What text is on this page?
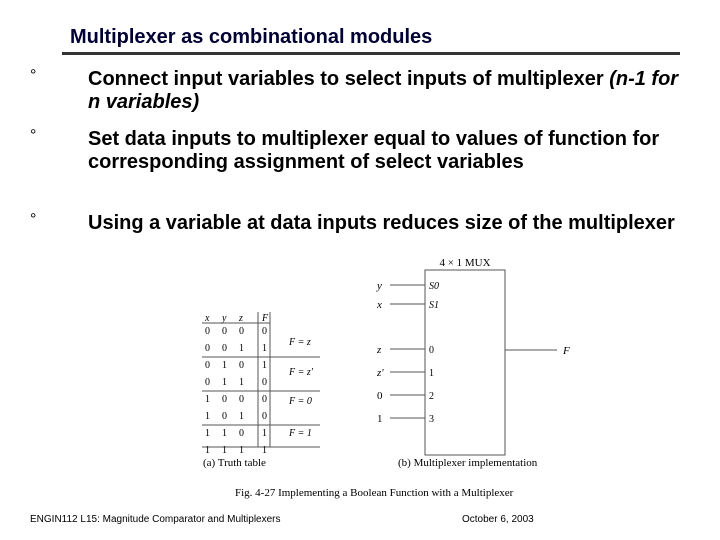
Multiplexer as combinational modules
°	Connect input variables to select inputs of multiplexer (n-1 for n variables)
°	Set data inputs to multiplexer equal to values of function for corresponding assignment of select variables
°	Using a variable at data inputs reduces size of the multiplexer
4 × 1 MUX
y
x
S0
S1
z
z′
0
1
0
1
2
3
F
x y z F
0 0 0 0
0 0 1 1
0 1 0 1
0 1 1 0
1 0 0 0
1 0 1 0
1 1 0 1
1 1 1 1
F = z
F = z′
F = 0
F = 1
(a) Truth table	(b) Multiplexer implementation
Fig. 4-27 Implementing a Boolean Function with a Multiplexer
ENGIN112 L15: Magnitude Comparator and Multiplexers	October 6, 2003
